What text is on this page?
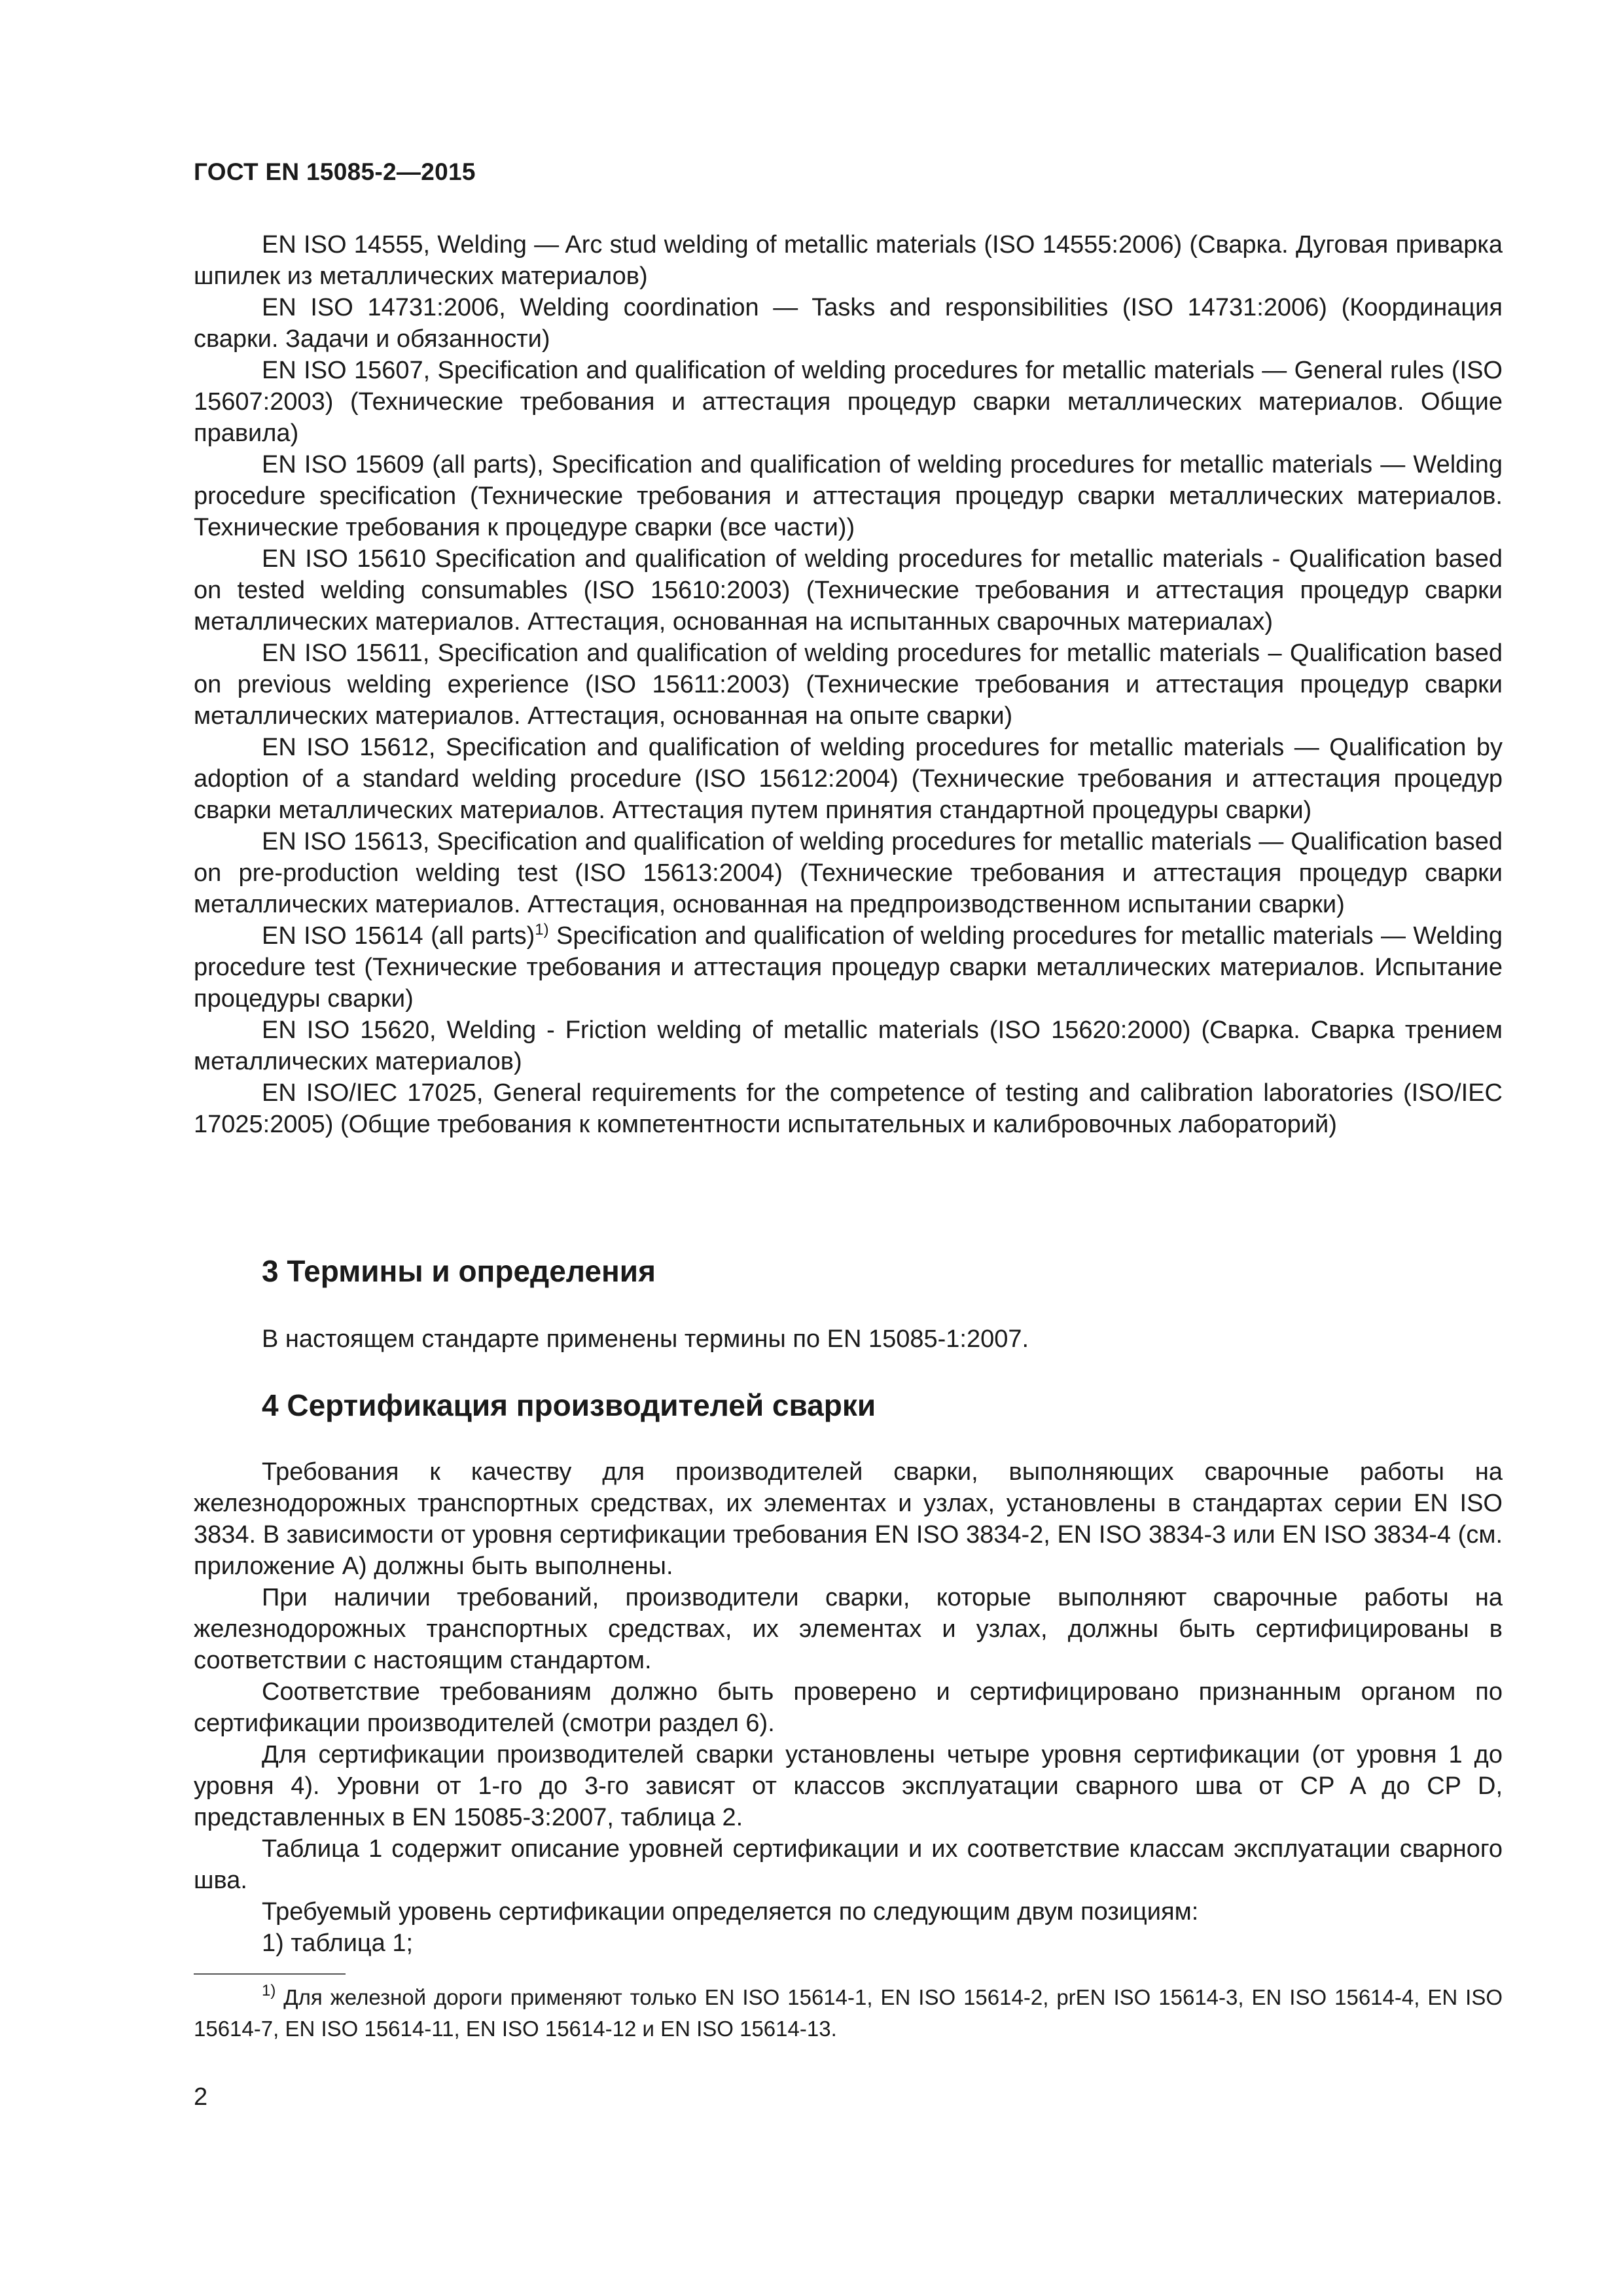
ГОСТ EN 15085-2—2015

EN ISO 14555, Welding — Arc stud welding of metallic materials (ISO 14555:2006) (Сварка. Дуговая приварка шпилек из металлических материалов)

EN ISO 14731:2006, Welding coordination — Tasks and responsibilities (ISO 14731:2006) (Координация сварки. Задачи и обязанности)

EN ISO 15607, Specification and qualification of welding procedures for metallic materials — General rules (ISO 15607:2003) (Технические требования и аттестация процедур сварки металлических материалов. Общие правила)

EN ISO 15609 (all parts), Specification and qualification of welding procedures for metallic materials — Welding procedure specification (Технические требования и аттестация процедур сварки металлических материалов. Технические требования к процедуре сварки (все части))

EN ISO 15610 Specification and qualification of welding procedures for metallic materials - Qualification based on tested welding consumables (ISO 15610:2003) (Технические требования и аттестация процедур сварки металлических материалов. Аттестация, основанная на испытанных сварочных материалах)

EN ISO 15611, Specification and qualification of welding procedures for metallic materials – Qualification based on previous welding experience (ISO 15611:2003) (Технические требования и аттестация процедур сварки металлических материалов. Аттестация, основанная на опыте сварки)

EN ISO 15612, Specification and qualification of welding procedures for metallic materials — Qualification by adoption of a standard welding procedure (ISO 15612:2004) (Технические требования и аттестация процедур сварки металлических материалов. Аттестация путем принятия стандартной процедуры сварки)

EN ISO 15613, Specification and qualification of welding procedures for metallic materials — Qualification based on pre-production welding test (ISO 15613:2004) (Технические требования и аттестация процедур сварки металлических материалов. Аттестация, основанная на предпроизводственном испытании сварки)

EN ISO 15614 (all parts)$^{1)}$ Specification and qualification of welding procedures for metallic materials — Welding procedure test (Технические требования и аттестация процедур сварки металлических материалов. Испытание процедуры сварки)

EN ISO 15620, Welding - Friction welding of metallic materials (ISO 15620:2000) (Сварка. Сварка трением металлических материалов)

EN ISO/IEC 17025, General requirements for the competence of testing and calibration laboratories (ISO/IEC 17025:2005) (Общие требования к компетентности испытательных и калибровочных лабораторий)

3 Термины и определения

В настоящем стандарте применены термины по EN 15085-1:2007.

4 Сертификация производителей сварки

Требования к качеству для производителей сварки, выполняющих сварочные работы на железнодорожных транспортных средствах, их элементах и узлах, установлены в стандартах серии EN ISO 3834. В зависимости от уровня сертификации требования EN ISO 3834-2, EN ISO 3834-3 или EN ISO 3834-4 (см. приложение А) должны быть выполнены.

При наличии требований, производители сварки, которые выполняют сварочные работы на железнодорожных транспортных средствах, их элементах и узлах, должны быть сертифицированы в соответствии с настоящим стандартом.

Соответствие требованиям должно быть проверено и сертифицировано признанным органом по сертификации производителей (смотри раздел 6).

Для сертификации производителей сварки установлены четыре уровня сертификации (от уровня 1 до уровня 4). Уровни от 1-го до 3-го зависят от классов эксплуатации сварного шва от CP A до CP D, представленных в EN 15085-3:2007, таблица 2.

Таблица 1 содержит описание уровней сертификации и их соответствие классам эксплуатации сварного шва.

Требуемый уровень сертификации определяется по следующим двум позициям:

1) таблица 1;

$^{1)}$ Для железной дороги применяют только EN ISO 15614-1, EN ISO 15614-2, prEN ISO 15614-3, EN ISO 15614-4, EN ISO 15614-7, EN ISO 15614-11, EN ISO 15614-12 и EN ISO 15614-13.

2
